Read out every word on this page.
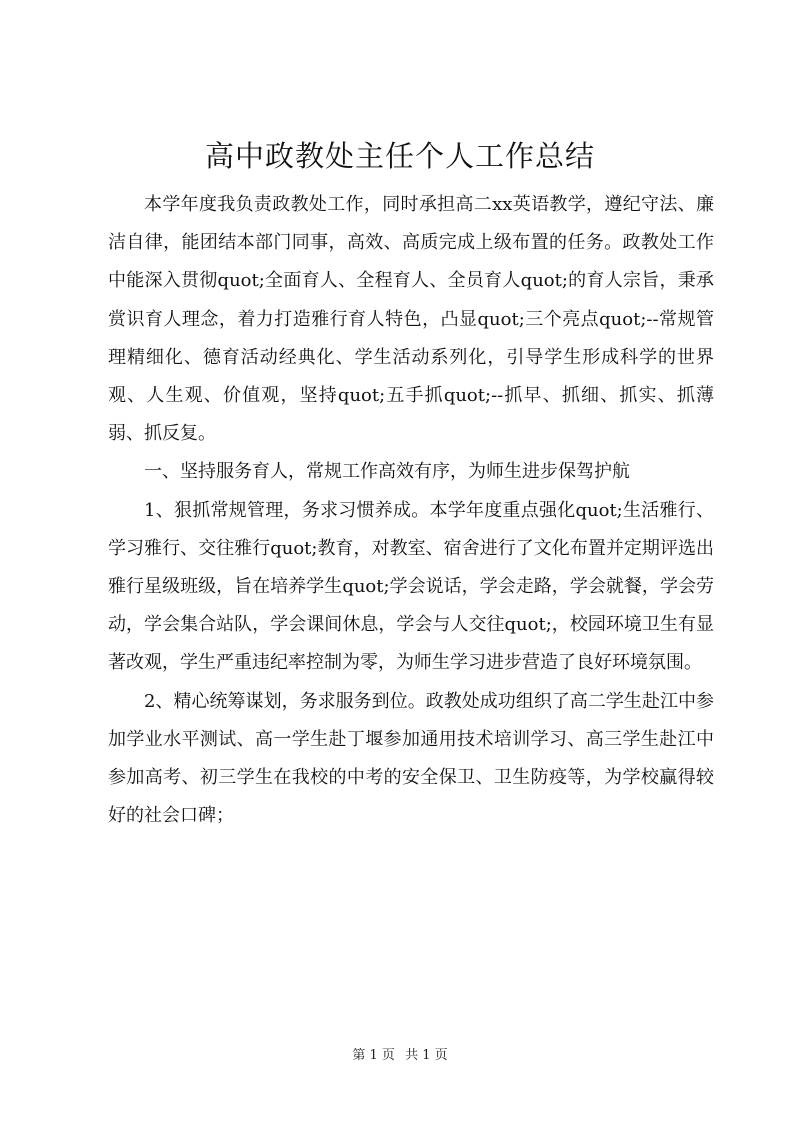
高中政教处主任个人工作总结

本学年度我负责政教处工作，同时承担高二xx英语教学，遵纪守法、廉洁自律，能团结本部门同事，高效、高质完成上级布置的任务。政教处工作中能深入贯彻quot;全面育人、全程育人、全员育人quot;的育人宗旨，秉承赏识育人理念，着力打造雅行育人特色，凸显quot;三个亮点quot;--常规管理精细化、德育活动经典化、学生活动系列化，引导学生形成科学的世界观、人生观、价值观，坚持quot;五手抓quot;--抓早、抓细、抓实、抓薄弱、抓反复。

一、坚持服务育人，常规工作高效有序，为师生进步保驾护航

1、狠抓常规管理，务求习惯养成。本学年度重点强化quot;生活雅行、学习雅行、交往雅行quot;教育，对教室、宿舍进行了文化布置并定期评选出雅行星级班级，旨在培养学生quot;学会说话，学会走路，学会就餐，学会劳动，学会集合站队，学会课间休息，学会与人交往quot;，校园环境卫生有显著改观，学生严重违纪率控制为零，为师生学习进步营造了良好环境氛围。

2、精心统筹谋划，务求服务到位。政教处成功组织了高二学生赴江中参加学业水平测试、高一学生赴丁堰参加通用技术培训学习、高三学生赴江中参加高考、初三学生在我校的中考的安全保卫、卫生防疫等，为学校赢得较好的社会口碑；

第 1 页 共 1 页
